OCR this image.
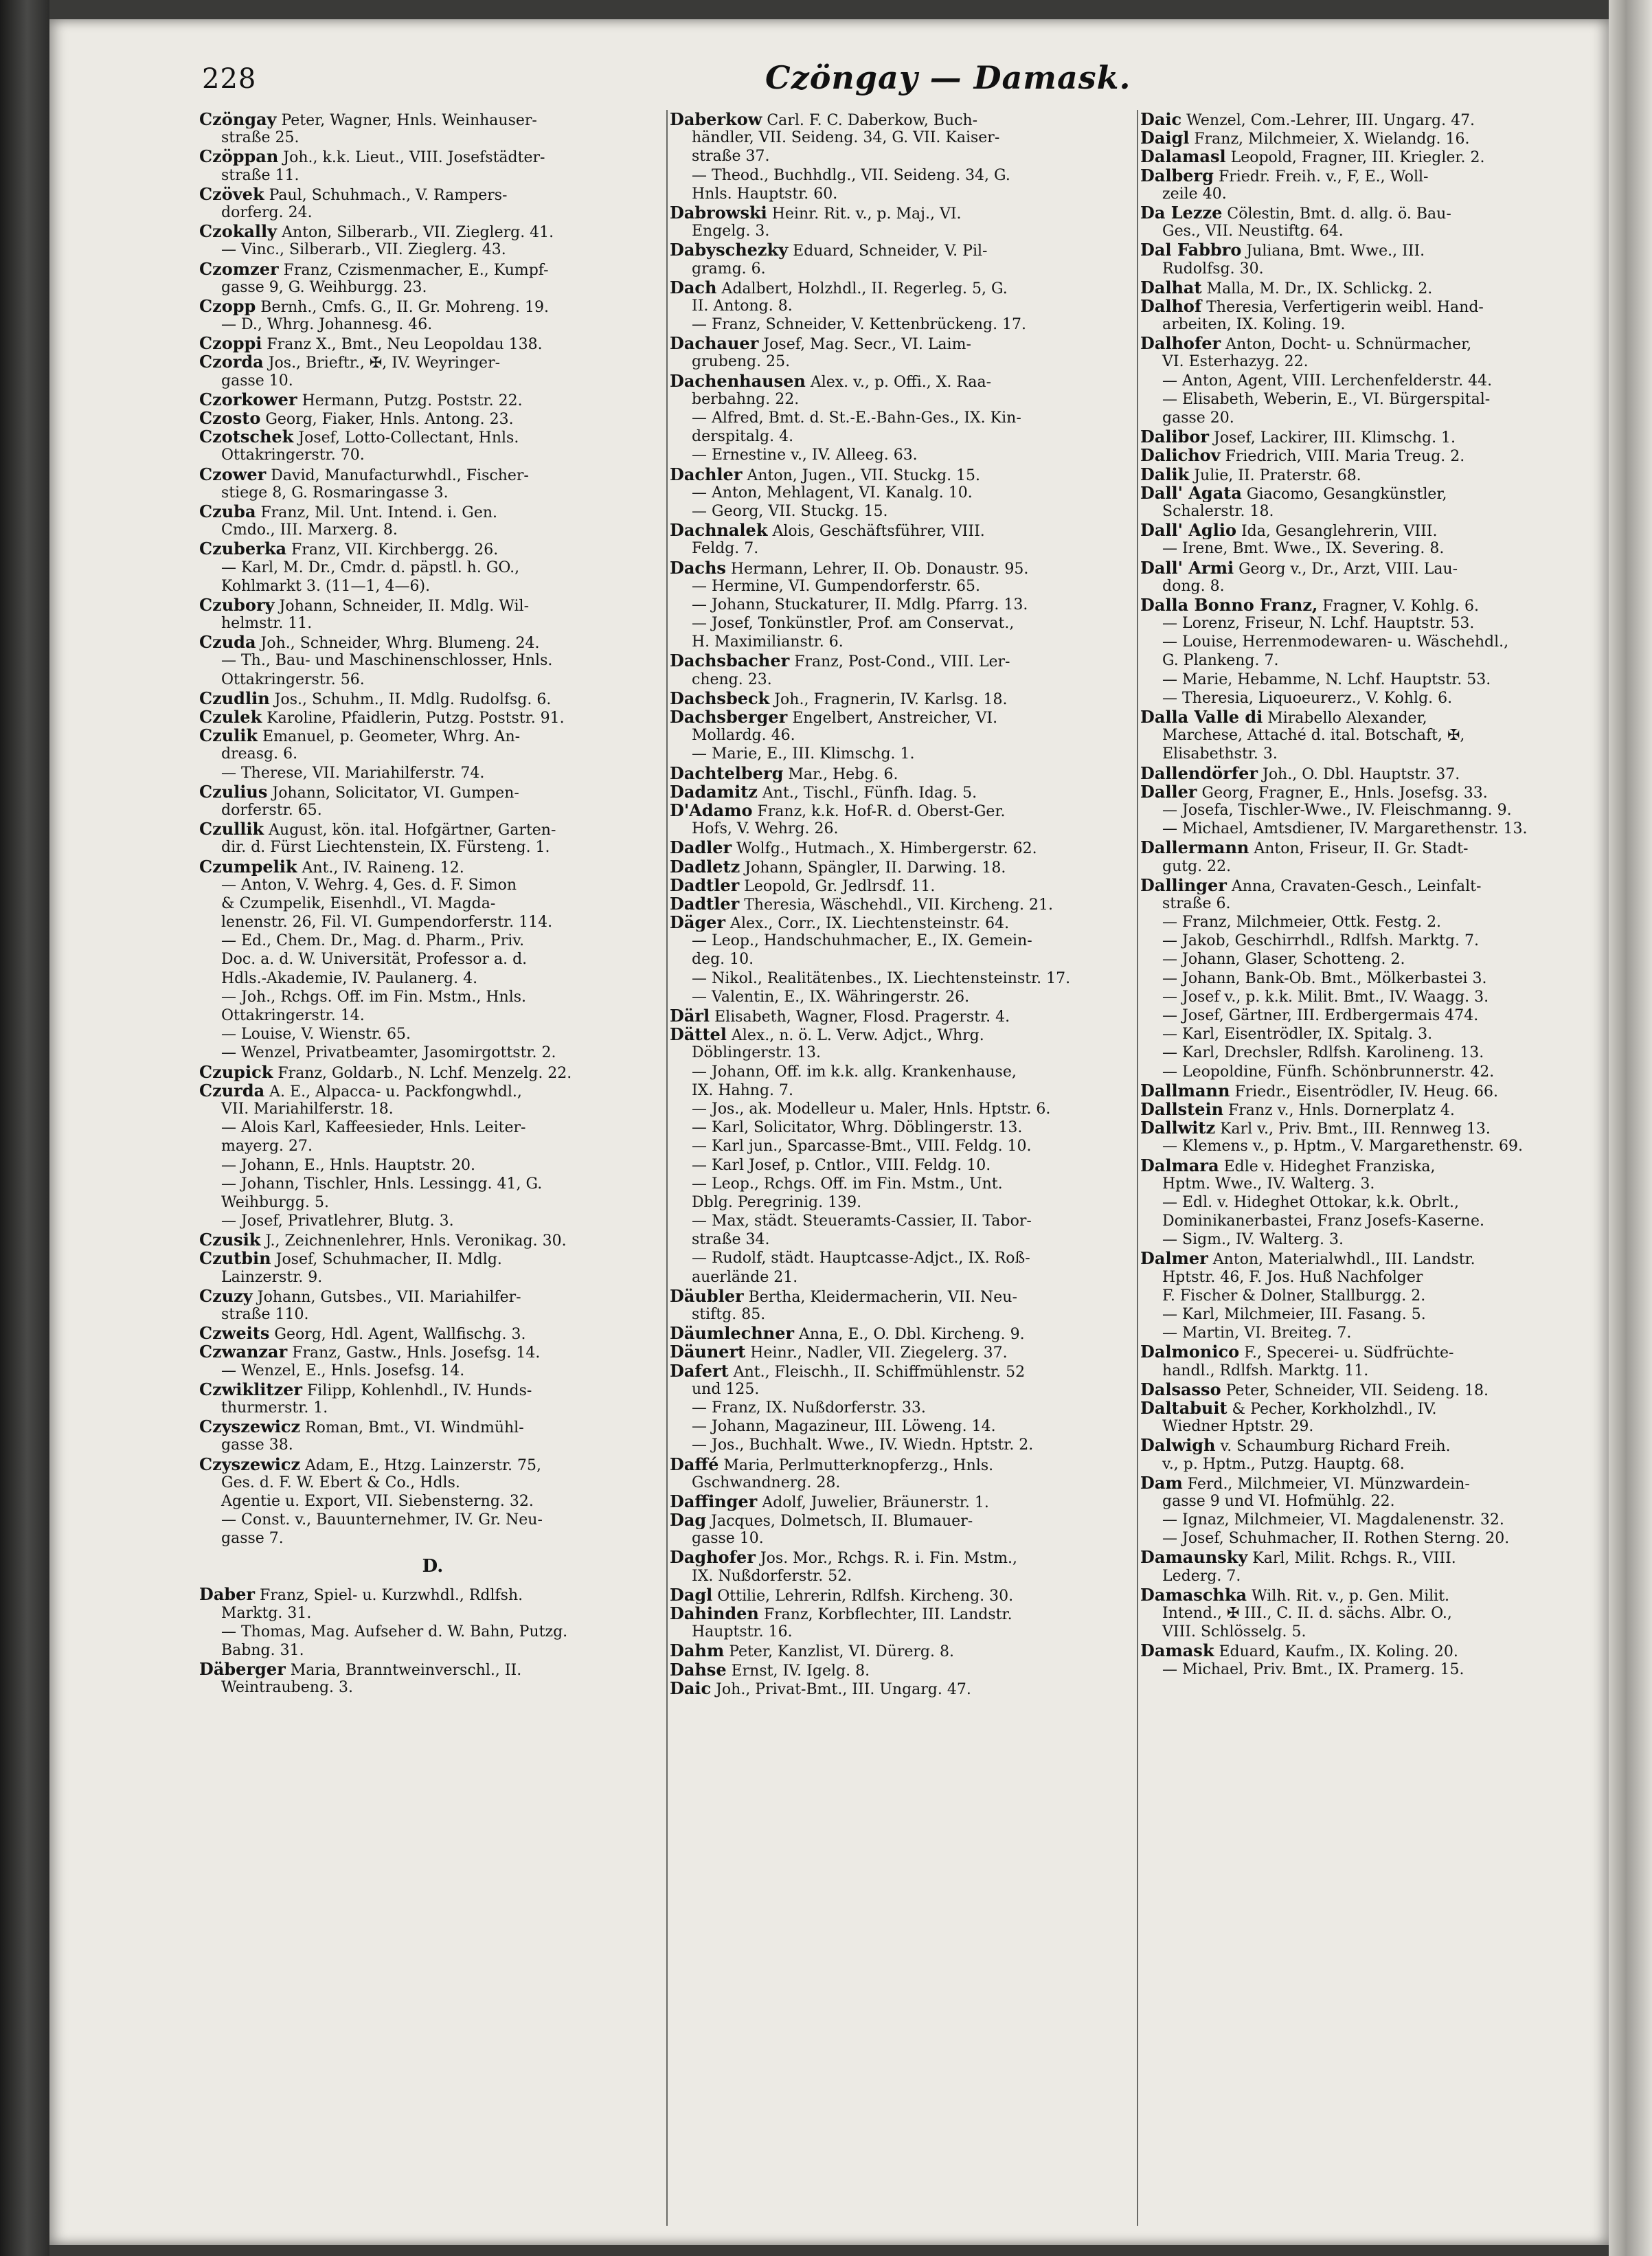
228	Czöngay — Damask.
Czöngay Peter, Wagner, Hnls. Weinhauser-
straße 25.
Czöppan Joh., k.k. Lieut., VIII. Josefstädter-
straße 11.
Czövek Paul, Schuhmach., V. Rampers-
dorferg. 24.
Czokally Anton, Silberarb., VII. Zieglerg. 41.
— Vinc., Silberarb., VII. Zieglerg. 43.
Czomzer Franz, Czismenmacher, E., Kumpf-
gasse 9, G. Weihburgg. 23.
Czopp Bernh., Cmfs. G., II. Gr. Mohreng. 19.
— D., Whrg. Johannesg. 46.
Czoppi Franz X., Bmt., Neu Leopoldau 138.
Czorda Jos., Brieftr., ✠, IV. Weyringer-
gasse 10.
Czorkower Hermann, Putzg. Poststr. 22.
Czosto Georg, Fiaker, Hnls. Antong. 23.
Czotschek Josef, Lotto-Collectant, Hnls.
Ottakringerstr. 70.
Czower David, Manufacturwhdl., Fischer-
stiege 8, G. Rosmaringasse 3.
Czuba Franz, Mil. Unt. Intend. i. Gen.
Cmdo., III. Marxerg. 8.
Czuberka Franz, VII. Kirchbergg. 26.
— Karl, M. Dr., Cmdr. d. päpstl. h. GO.,
Kohlmarkt 3. (11—1, 4—6).
Czubory Johann, Schneider, II. Mdlg. Wil-
helmstr. 11.
Czuda Joh., Schneider, Whrg. Blumeng. 24.
— Th., Bau- und Maschinenschlosser, Hnls.
Ottakringerstr. 56.
Czudlin Jos., Schuhm., II. Mdlg. Rudolfsg. 6.
Czulek Karoline, Pfaidlerin, Putzg. Poststr. 91.
Czulik Emanuel, p. Geometer, Whrg. An-
dreasg. 6.
— Therese, VII. Mariahilferstr. 74.
Czulius Johann, Solicitator, VI. Gumpen-
dorferstr. 65.
Czullik August, kön. ital. Hofgärtner, Garten-
dir. d. Fürst Liechtenstein, IX. Fürsteng. 1.
Czumpelik Ant., IV. Raineng. 12.
— Anton, V. Wehrg. 4, Ges. d. F. Simon
& Czumpelik, Eisenhdl., VI. Magda-
lenenstr. 26, Fil. VI. Gumpendorferstr. 114.
— Ed., Chem. Dr., Mag. d. Pharm., Priv.
Doc. a. d. W. Universität, Professor a. d.
Hdls.-Akademie, IV. Paulanerg. 4.
— Joh., Rchgs. Off. im Fin. Mstm., Hnls.
Ottakringerstr. 14.
— Louise, V. Wienstr. 65.
— Wenzel, Privatbeamter, Jasomirgottstr. 2.
Czupick Franz, Goldarb., N. Lchf. Menzelg. 22.
Czurda A. E., Alpacca- u. Packfongwhdl.,
VII. Mariahilferstr. 18.
— Alois Karl, Kaffeesieder, Hnls. Leiter-
mayerg. 27.
— Johann, E., Hnls. Hauptstr. 20.
— Johann, Tischler, Hnls. Lessingg. 41, G.
Weihburgg. 5.
— Josef, Privatlehrer, Blutg. 3.
Czusik J., Zeichnenlehrer, Hnls. Veronikag. 30.
Czutbin Josef, Schuhmacher, II. Mdlg.
Lainzerstr. 9.
Czuzy Johann, Gutsbes., VII. Mariahilfer-
straße 110.
Czweits Georg, Hdl. Agent, Wallfischg. 3.
Czwanzar Franz, Gastw., Hnls. Josefsg. 14.
— Wenzel, E., Hnls. Josefsg. 14.
Czwiklitzer Filipp, Kohlenhdl., IV. Hunds-
thurmerstr. 1.
Czyszewicz Roman, Bmt., VI. Windmühl-
gasse 38.
Czyszewicz Adam, E., Htzg. Lainzerstr. 75,
Ges. d. F. W. Ebert & Co., Hdls.
Agentie u. Export, VII. Siebensterng. 32.
— Const. v., Bauunternehmer, IV. Gr. Neu-
gasse 7.
D.
Daber Franz, Spiel- u. Kurzwhdl., Rdlfsh.
Marktg. 31.
— Thomas, Mag. Aufseher d. W. Bahn, Putzg.
Babng. 31.
Däberger Maria, Branntweinverschl., II.
Weintraubeng. 3.
Daberkow Carl. F. C. Daberkow, Buch-
händler, VII. Seideng. 34, G. VII. Kaiser-
straße 37.
— Theod., Buchhdlg., VII. Seideng. 34, G.
Hnls. Hauptstr. 60.
Dabrowski Heinr. Rit. v., p. Maj., VI.
Engelg. 3.
Dabyschezky Eduard, Schneider, V. Pil-
gramg. 6.
Dach Adalbert, Holzhdl., II. Regerleg. 5, G.
II. Antong. 8.
— Franz, Schneider, V. Kettenbrückeng. 17.
Dachauer Josef, Mag. Secr., VI. Laim-
grubeng. 25.
Dachenhausen Alex. v., p. Offi., X. Raa-
berbahng. 22.
— Alfred, Bmt. d. St.-E.-Bahn-Ges., IX. Kin-
derspitalg. 4.
— Ernestine v., IV. Alleeg. 63.
Dachler Anton, Jugen., VII. Stuckg. 15.
— Anton, Mehlagent, VI. Kanalg. 10.
— Georg, VII. Stuckg. 15.
Dachnalek Alois, Geschäftsführer, VIII.
Feldg. 7.
Dachs Hermann, Lehrer, II. Ob. Donaustr. 95.
— Hermine, VI. Gumpendorferstr. 65.
— Johann, Stuckaturer, II. Mdlg. Pfarrg. 13.
— Josef, Tonkünstler, Prof. am Conservat.,
H. Maximilianstr. 6.
Dachsbacher Franz, Post-Cond., VIII. Ler-
cheng. 23.
Dachsbeck Joh., Fragnerin, IV. Karlsg. 18.
Dachsberger Engelbert, Anstreicher, VI.
Mollardg. 46.
— Marie, E., III. Klimschg. 1.
Dachtelberg Mar., Hebg. 6.
Dadamitz Ant., Tischl., Fünfh. Idag. 5.
D'Adamo Franz, k.k. Hof-R. d. Oberst-Ger.
Hofs, V. Wehrg. 26.
Dadler Wolfg., Hutmach., X. Himbergerstr. 62.
Dadletz Johann, Spängler, II. Darwing. 18.
Dadtler Leopold, Gr. Jedlrsdf. 11.
Dadtler Theresia, Wäschehdl., VII. Kircheng. 21.
Däger Alex., Corr., IX. Liechtensteinstr. 64.
— Leop., Handschuhmacher, E., IX. Gemein-
deg. 10.
— Nikol., Realitätenbes., IX. Liechtensteinstr. 17.
— Valentin, E., IX. Währingerstr. 26.
Därl Elisabeth, Wagner, Flosd. Pragerstr. 4.
Dättel Alex., n. ö. L. Verw. Adjct., Whrg.
Döblingerstr. 13.
— Johann, Off. im k.k. allg. Krankenhause,
IX. Hahng. 7.
— Jos., ak. Modelleur u. Maler, Hnls. Hptstr. 6.
— Karl, Solicitator, Whrg. Döblingerstr. 13.
— Karl jun., Sparcasse-Bmt., VIII. Feldg. 10.
— Karl Josef, p. Cntlor., VIII. Feldg. 10.
— Leop., Rchgs. Off. im Fin. Mstm., Unt.
Dblg. Peregrinig. 139.
— Max, städt. Steueramts-Cassier, II. Tabor-
straße 34.
— Rudolf, städt. Hauptcasse-Adjct., IX. Roß-
auerlände 21.
Däubler Bertha, Kleidermacherin, VII. Neu-
stiftg. 85.
Däumlechner Anna, E., O. Dbl. Kircheng. 9.
Däunert Heinr., Nadler, VII. Ziegelerg. 37.
Dafert Ant., Fleischh., II. Schiffmühlenstr. 52
und 125.
— Franz, IX. Nußdorferstr. 33.
— Johann, Magazineur, III. Löweng. 14.
— Jos., Buchhalt. Wwe., IV. Wiedn. Hptstr. 2.
Daffé Maria, Perlmutterknopferzg., Hnls.
Gschwandnerg. 28.
Daffinger Adolf, Juwelier, Bräunerstr. 1.
Dag Jacques, Dolmetsch, II. Blumauer-
gasse 10.
Daghofer Jos. Mor., Rchgs. R. i. Fin. Mstm.,
IX. Nußdorferstr. 52.
Dagl Ottilie, Lehrerin, Rdlfsh. Kircheng. 30.
Dahinden Franz, Korbflechter, III. Landstr.
Hauptstr. 16.
Dahm Peter, Kanzlist, VI. Dürerg. 8.
Dahse Ernst, IV. Igelg. 8.
Daic Joh., Privat-Bmt., III. Ungarg. 47.
Daic Wenzel, Com.-Lehrer, III. Ungarg. 47.
Daigl Franz, Milchmeier, X. Wielandg. 16.
Dalamasl Leopold, Fragner, III. Kriegler. 2.
Dalberg Friedr. Freih. v., F, E., Woll-
zeile 40.
Da Lezze Cölestin, Bmt. d. allg. ö. Bau-
Ges., VII. Neustiftg. 64.
Dal Fabbro Juliana, Bmt. Wwe., III.
Rudolfsg. 30.
Dalhat Malla, M. Dr., IX. Schlickg. 2.
Dalhof Theresia, Verfertigerin weibl. Hand-
arbeiten, IX. Koling. 19.
Dalhofer Anton, Docht- u. Schnürmacher,
VI. Esterhazyg. 22.
— Anton, Agent, VIII. Lerchenfelderstr. 44.
— Elisabeth, Weberin, E., VI. Bürgerspital-
gasse 20.
Dalibor Josef, Lackirer, III. Klimschg. 1.
Dalichov Friedrich, VIII. Maria Treug. 2.
Dalik Julie, II. Praterstr. 68.
Dall' Agata Giacomo, Gesangkünstler,
Schalerstr. 18.
Dall' Aglio Ida, Gesanglehrerin, VIII.
— Irene, Bmt. Wwe., IX. Severing. 8.
Dall' Armi Georg v., Dr., Arzt, VIII. Lau-
dong. 8.
Dalla Bonno Franz, Fragner, V. Kohlg. 6.
— Lorenz, Friseur, N. Lchf. Hauptstr. 53.
— Louise, Herrenmodewaren- u. Wäschehdl.,
G. Plankeng. 7.
— Marie, Hebamme, N. Lchf. Hauptstr. 53.
— Theresia, Liquoeurerz., V. Kohlg. 6.
Dalla Valle di Mirabello Alexander,
Marchese, Attaché d. ital. Botschaft, ✠,
Elisabethstr. 3.
Dallendörfer Joh., O. Dbl. Hauptstr. 37.
Daller Georg, Fragner, E., Hnls. Josefsg. 33.
— Josefa, Tischler-Wwe., IV. Fleischmanng. 9.
— Michael, Amtsdiener, IV. Margarethenstr. 13.
Dallermann Anton, Friseur, II. Gr. Stadt-
gutg. 22.
Dallinger Anna, Cravaten-Gesch., Leinfalt-
straße 6.
— Franz, Milchmeier, Ottk. Festg. 2.
— Jakob, Geschirrhdl., Rdlfsh. Marktg. 7.
— Johann, Glaser, Schotteng. 2.
— Johann, Bank-Ob. Bmt., Mölkerbastei 3.
— Josef v., p. k.k. Milit. Bmt., IV. Waagg. 3.
— Josef, Gärtner, III. Erdbergermais 474.
— Karl, Eisentrödler, IX. Spitalg. 3.
— Karl, Drechsler, Rdlfsh. Karolineng. 13.
— Leopoldine, Fünfh. Schönbrunnerstr. 42.
Dallmann Friedr., Eisentrödler, IV. Heug. 66.
Dallstein Franz v., Hnls. Dornerplatz 4.
Dallwitz Karl v., Priv. Bmt., III. Rennweg 13.
— Klemens v., p. Hptm., V. Margarethenstr. 69.
Dalmara Edle v. Hideghet Franziska,
Hptm. Wwe., IV. Walterg. 3.
— Edl. v. Hideghet Ottokar, k.k. Obrlt.,
Dominikanerbastei, Franz Josefs-Kaserne.
— Sigm., IV. Walterg. 3.
Dalmer Anton, Materialwhdl., III. Landstr.
Hptstr. 46, F. Jos. Huß Nachfolger
F. Fischer & Dolner, Stallburgg. 2.
— Karl, Milchmeier, III. Fasang. 5.
— Martin, VI. Breiteg. 7.
Dalmonico F., Specerei- u. Südfrüchte-
handl., Rdlfsh. Marktg. 11.
Dalsasso Peter, Schneider, VII. Seideng. 18.
Daltabuit & Pecher, Korkholzhdl., IV.
Wiedner Hptstr. 29.
Dalwigh v. Schaumburg Richard Freih.
v., p. Hptm., Putzg. Hauptg. 68.
Dam Ferd., Milchmeier, VI. Münzwardein-
gasse 9 und VI. Hofmühlg. 22.
— Ignaz, Milchmeier, VI. Magdalenenstr. 32.
— Josef, Schuhmacher, II. Rothen Sterng. 20.
Damaunsky Karl, Milit. Rchgs. R., VIII.
Lederg. 7.
Damaschka Wilh. Rit. v., p. Gen. Milit.
Intend., ✠ III., C. II. d. sächs. Albr. O.,
VIII. Schlösselg. 5.
Damask Eduard, Kaufm., IX. Koling. 20.
— Michael, Priv. Bmt., IX. Pramerg. 15.
